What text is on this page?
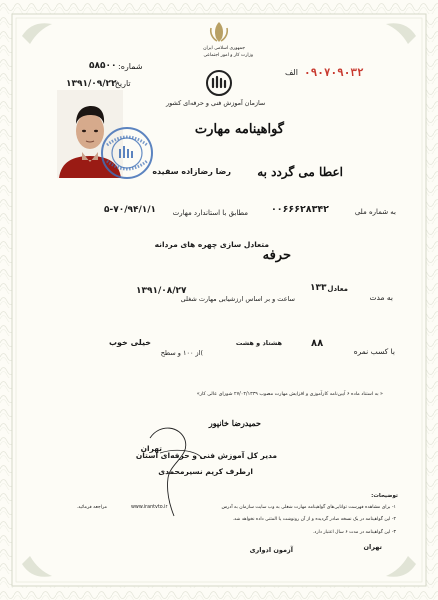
جمهوری اسلامی ایران
وزارت کار و امور اجتماعی
شماره:
۵۸۵۰۰
تاریخ:
۱۳۹۱/۰۹/۲۲
۰۹۰۷۰۹۰۳۲
الف
سازمان آموزش فنی و حرفه‌ای کشور
گواهینامه مهارت
اعطا می گردد به
رضا رضازاده سفیده
به شماره ملی
۰۰۶۶۶۲۸۳۴۲
مطابق با استاندارد مهارت
۵-۷۰/۹۴/۱/۱
متعادل سازی چهره های مردانه
حرفه
به مدت
معادل
۱۳۳
ساعت و بر اساس ارزشیابی مهارت شغلی
۱۳۹۱/۰۸/۲۷
با کسب نمره
۸۸
هشتاد و هشت
)از ۱۰۰ و سطح
خیلی خوب
« به استناد ماده ۶ آیین‌نامه کارآموزی و افزایش مهارت مصوب ۲۷/۰۴/۱۳۳۹ شورای عالی کار»
حمیدرضا خانپور
مدیر کل آموزش فنی و حرفه‌ای استان
تهران
ارطرف کریم نسیرمحمدی
توضیحات:
۱- برای مشاهده فهرست توانایی‌های گواهینامه مهارت شغلی به وب سایت سازمان به آدرس
www.irantvto.ir
مراجعه فرمائید.
۲- این گواهینامه در یک نسخه صادر گردیده و از آن رونوشت یا المثنی داده نخواهد شد.
۳- این گواهینامه در مدت ۶ سال اعتبار دارد.
تهران
آزمون ادواری
